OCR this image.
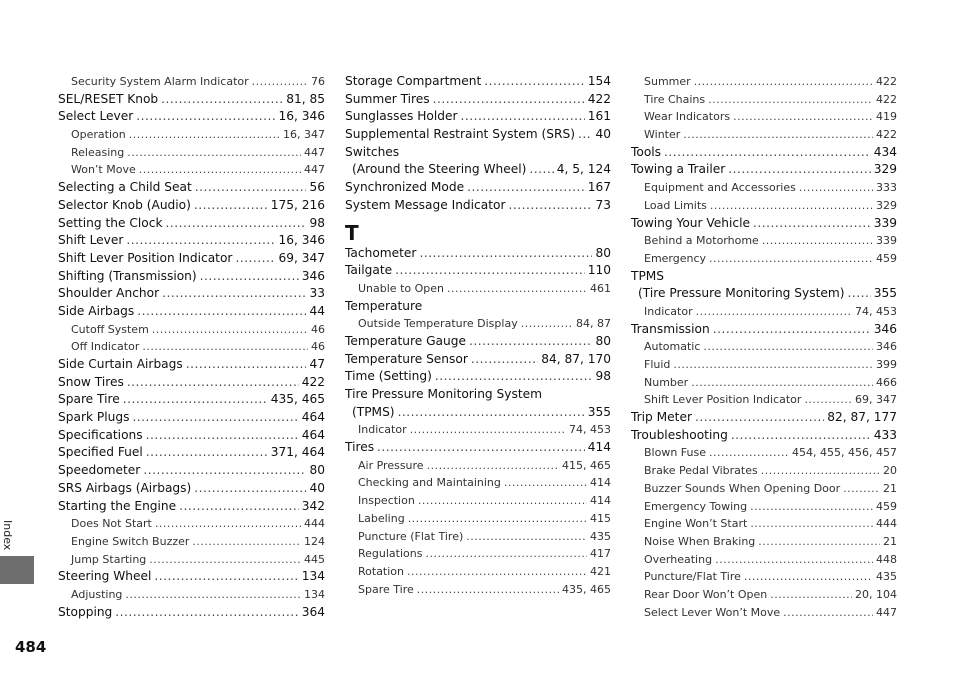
Security System Alarm Indicator .....	76
SEL/RESET Knob .....	81, 85
Select Lever .....	16, 346
Operation .....	16, 347
Releasing .....	447
Won’t Move .....	447
Selecting a Child Seat .....	56
Selector Knob (Audio) .....	175, 216
Setting the Clock .....	98
Shift Lever .....	16, 346
Shift Lever Position Indicator .....	69, 347
Shifting (Transmission) .....	346
Shoulder Anchor .....	33
Side Airbags .....	44
Cutoff System .....	46
Off Indicator .....	46
Side Curtain Airbags .....	47
Snow Tires .....	422
Spare Tire .....	435, 465
Spark Plugs .....	464
Specifications .....	464
Specified Fuel .....	371, 464
Speedometer .....	80
SRS Airbags (Airbags) .....	40
Starting the Engine .....	342
Does Not Start .....	444
Engine Switch Buzzer .....	124
Jump Starting .....	445
Steering Wheel .....	134
Adjusting .....	134
Stopping .....	364
Storage Compartment .....	154
Summer Tires .....	422
Sunglasses Holder .....	161
Supplemental Restraint System (SRS) ..... 40
Switches
(Around the Steering Wheel) ..... 4, 5, 124
Synchronized Mode .....	167
System Message Indicator .....	73
T
Tachometer .....	80
Tailgate .....	110
Unable to Open .....	461
Temperature
Outside Temperature Display .....	84, 87
Temperature Gauge .....	80
Temperature Sensor .....	84, 87, 170
Time (Setting) .....	98
Tire Pressure Monitoring System
(TPMS) .....	355
Indicator .....	74, 453
Tires .....	414
Air Pressure .....	415, 465
Checking and Maintaining .....	414
Inspection .....	414
Labeling .....	415
Puncture (Flat Tire) .....	435
Regulations .....	417
Rotation .....	421
Spare Tire .....	435, 465
Summer .....	422
Tire Chains .....	422
Wear Indicators .....	419
Winter .....	422
Tools .....	434
Towing a Trailer .....	329
Equipment and Accessories .....	333
Load Limits .....	329
Towing Your Vehicle .....	339
Behind a Motorhome .....	339
Emergency .....	459
TPMS
(Tire Pressure Monitoring System) ..... 355
Indicator .....	74, 453
Transmission .....	346
Automatic .....	346
Fluid .....	399
Number .....	466
Shift Lever Position Indicator .....	69, 347
Trip Meter .....	82, 87, 177
Troubleshooting .....	433
Blown Fuse .....	454, 455, 456, 457
Brake Pedal Vibrates .....	20
Buzzer Sounds When Opening Door .....	21
Emergency Towing .....	459
Engine Won’t Start .....	444
Noise When Braking .....	21
Overheating .....	448
Puncture/Flat Tire .....	435
Rear Door Won’t Open .....	20, 104
Select Lever Won’t Move .....	447
Index
484
